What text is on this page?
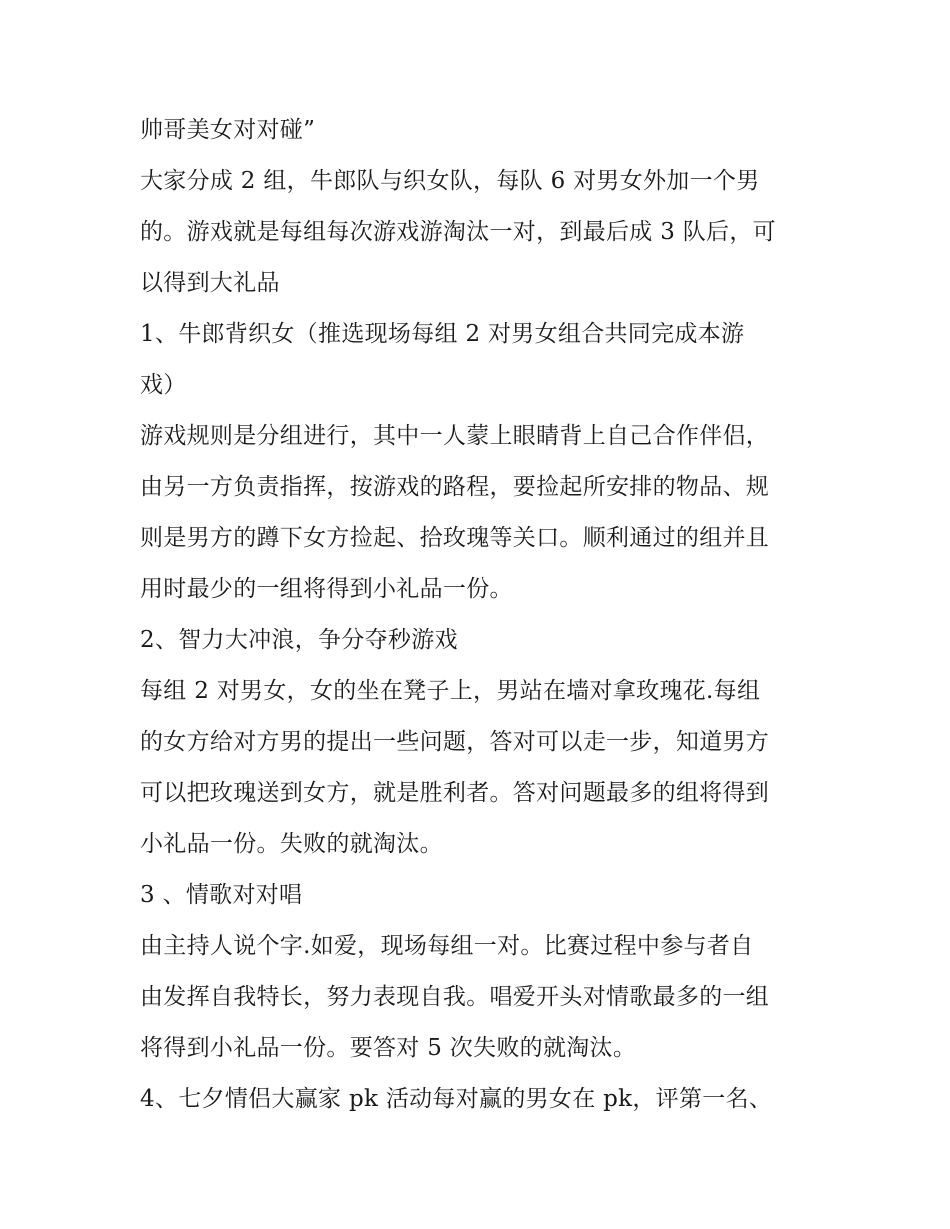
帅哥美女对对碰”
大家分成 2 组，牛郎队与织女队，每队 6 对男女外加一个男
的。游戏就是每组每次游戏游淘汰一对，到最后成 3 队后，可
以得到大礼品
1、牛郎背织女（推选现场每组 2 对男女组合共同完成本游
戏）
游戏规则是分组进行，其中一人蒙上眼睛背上自己合作伴侣，
由另一方负责指挥，按游戏的路程，要捡起所安排的物品、规
则是男方的蹲下女方捡起、拾玫瑰等关口。顺利通过的组并且
用时最少的一组将得到小礼品一份。
2、智力大冲浪，争分夺秒游戏
每组 2 对男女，女的坐在凳子上，男站在墙对拿玫瑰花.每组
的女方给对方男的提出一些问题，答对可以走一步，知道男方
可以把玫瑰送到女方，就是胜利者。答对问题最多的组将得到
小礼品一份。失败的就淘汰。
3 、情歌对对唱
由主持人说个字.如爱，现场每组一对。比赛过程中参与者自
由发挥自我特长，努力表现自我。唱爱开头对情歌最多的一组
将得到小礼品一份。要答对 5 次失败的就淘汰。
4、七夕情侣大赢家 pk 活动每对赢的男女在 pk，评第一名、
